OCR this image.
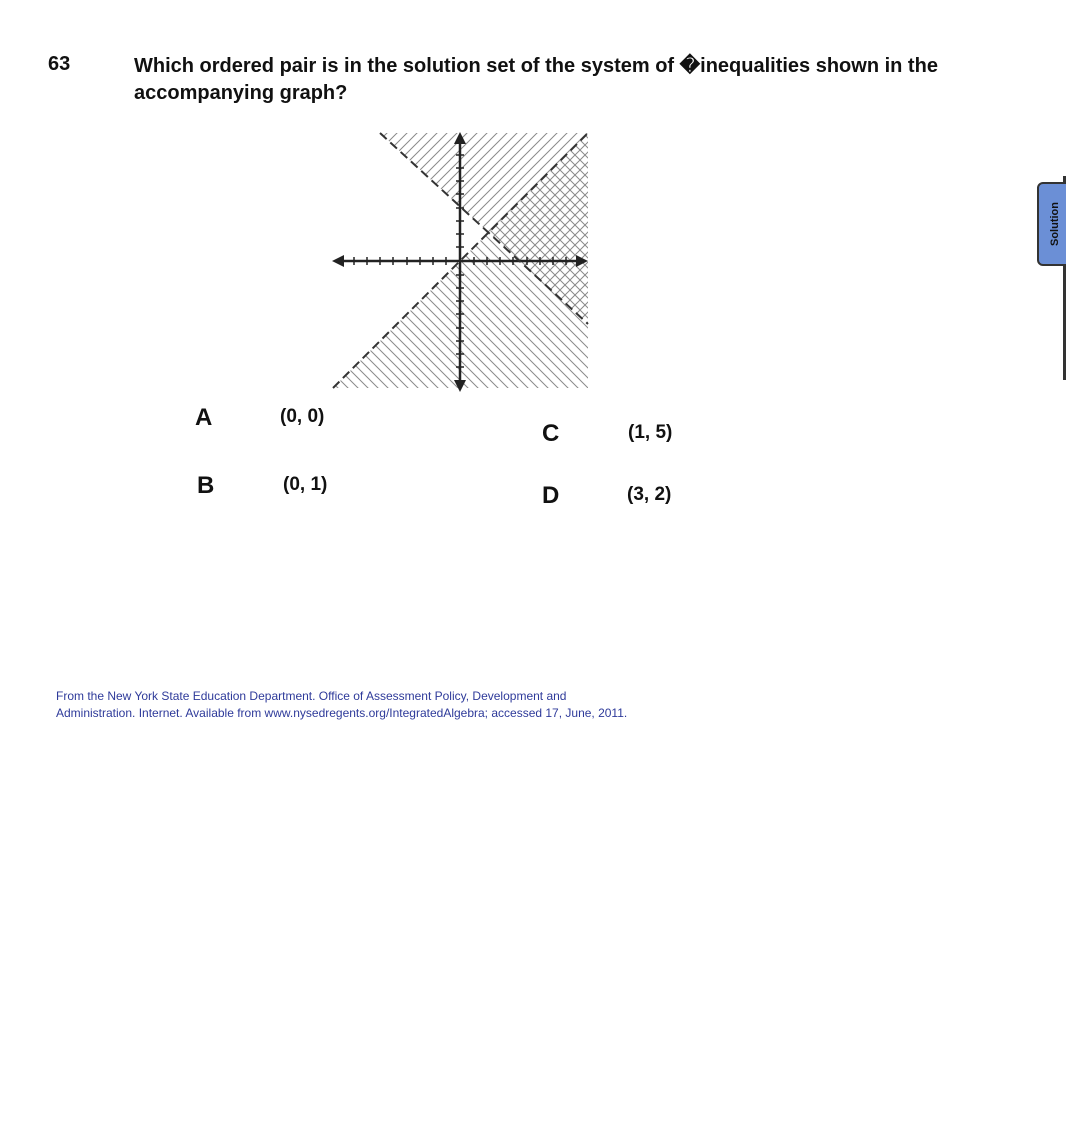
63	Which ordered pair is in the solution set of the system of �inequalities shown in the accompanying graph?
A	(0, 0)
B	(0, 1)
C	(1, 5)
D	(3, 2)
From the New York State Education Department. Office of Assessment Policy, Development and
Administration. Internet. Available from www.nysedregents.org/IntegratedAlgebra; accessed 17, June, 2011.
Solution
